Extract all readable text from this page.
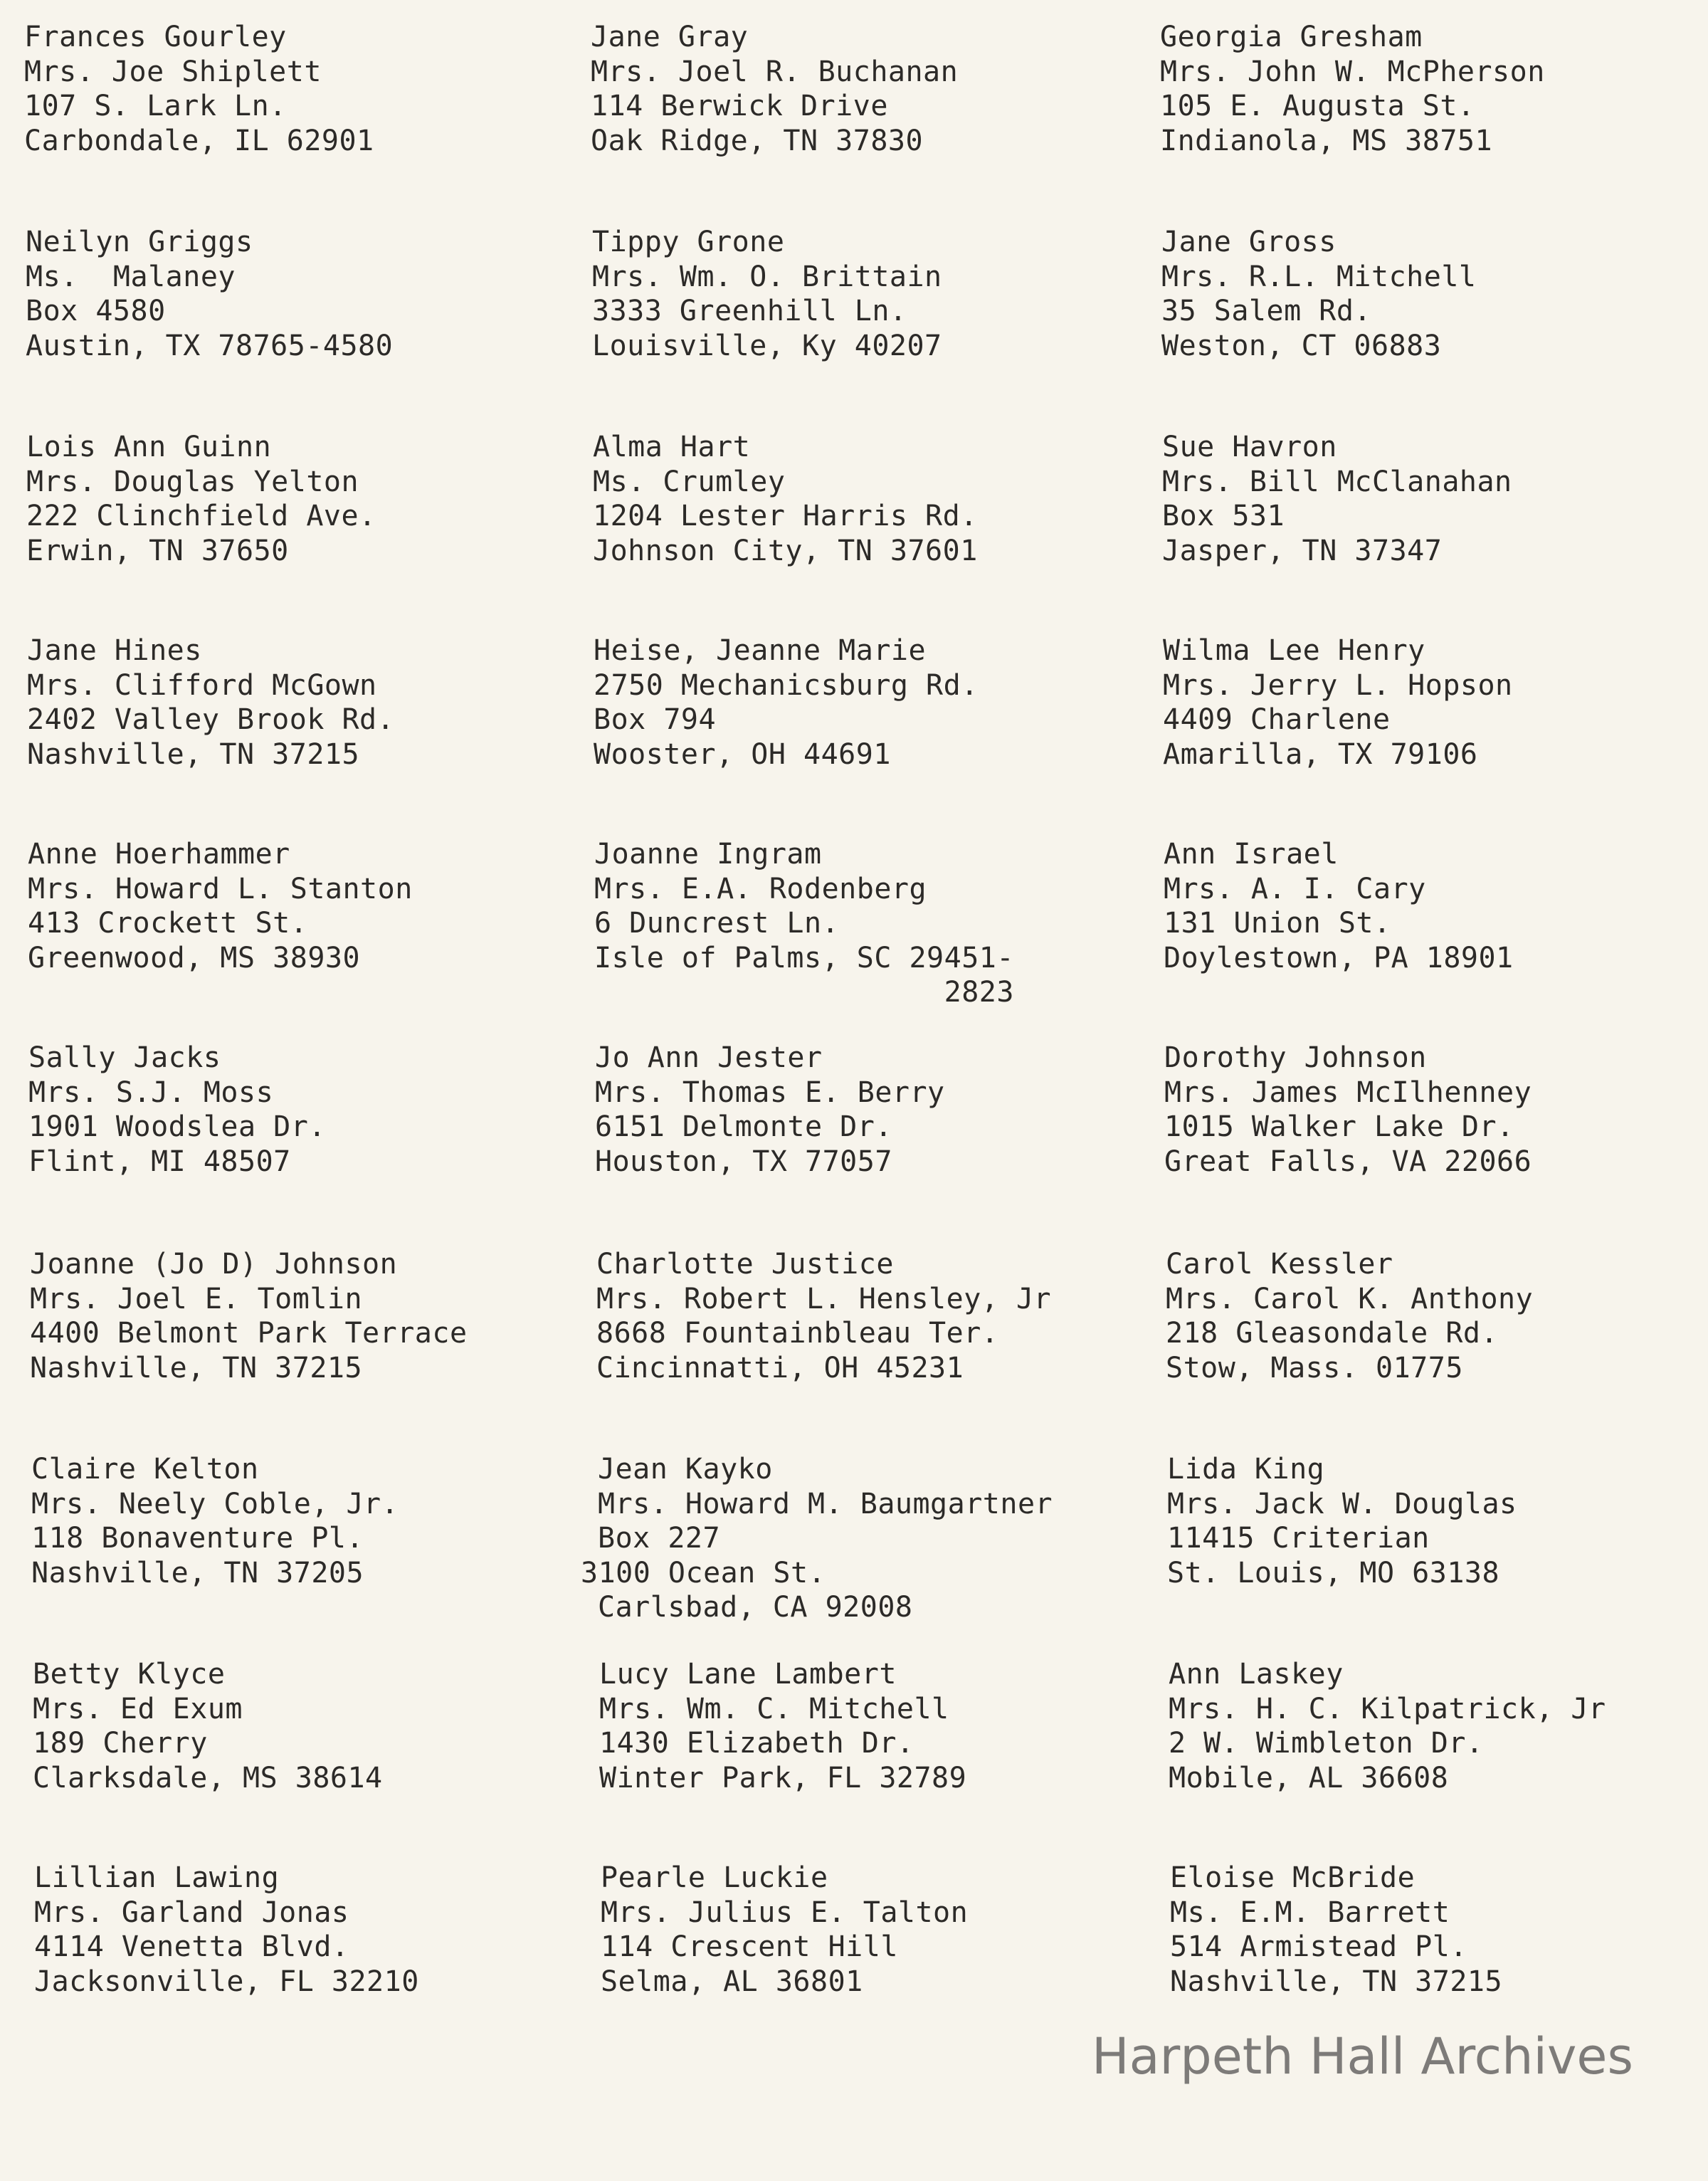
Frances Gourley
Mrs. Joe Shiplett
107 S. Lark Ln.
Carbondale, IL 62901
Jane Gray
Mrs. Joel R. Buchanan
114 Berwick Drive
Oak Ridge, TN 37830
Georgia Gresham
Mrs. John W. McPherson
105 E. Augusta St.
Indianola, MS 38751
Neilyn Griggs
Ms.  Malaney
Box 4580
Austin, TX 78765-4580
Tippy Grone
Mrs. Wm. O. Brittain
3333 Greenhill Ln.
Louisville, Ky 40207
Jane Gross
Mrs. R.L. Mitchell
35 Salem Rd.
Weston, CT 06883
Lois Ann Guinn
Mrs. Douglas Yelton
222 Clinchfield Ave.
Erwin, TN 37650
Alma Hart
Ms. Crumley
1204 Lester Harris Rd.
Johnson City, TN 37601
Sue Havron
Mrs. Bill McClanahan
Box 531
Jasper, TN 37347
Jane Hines
Mrs. Clifford McGown
2402 Valley Brook Rd.
Nashville, TN 37215
Heise, Jeanne Marie
2750 Mechanicsburg Rd.
Box 794
Wooster, OH 44691
Wilma Lee Henry
Mrs. Jerry L. Hopson
4409 Charlene
Amarilla, TX 79106
Anne Hoerhammer
Mrs. Howard L. Stanton
413 Crockett St.
Greenwood, MS 38930
Joanne Ingram
Mrs. E.A. Rodenberg
6 Duncrest Ln.
Isle of Palms, SC 29451-
2823
Ann Israel
Mrs. A. I. Cary
131 Union St.
Doylestown, PA 18901
Sally Jacks
Mrs. S.J. Moss
1901 Woodslea Dr.
Flint, MI 48507
Jo Ann Jester
Mrs. Thomas E. Berry
6151 Delmonte Dr.
Houston, TX 77057
Dorothy Johnson
Mrs. James McIlhenney
1015 Walker Lake Dr.
Great Falls, VA 22066
Joanne (Jo D) Johnson
Mrs. Joel E. Tomlin
4400 Belmont Park Terrace
Nashville, TN 37215
Charlotte Justice
Mrs. Robert L. Hensley, Jr
8668 Fountainbleau Ter.
Cincinnatti, OH 45231
Carol Kessler
Mrs. Carol K. Anthony
218 Gleasondale Rd.
Stow, Mass. 01775
Claire Kelton
Mrs. Neely Coble, Jr.
118 Bonaventure Pl.
Nashville, TN 37205
Jean Kayko
Mrs. Howard M. Baumgartner
Box 227
3100 Ocean St.
Carlsbad, CA 92008
Lida King
Mrs. Jack W. Douglas
11415 Criterian
St. Louis, MO 63138
Betty Klyce
Mrs. Ed Exum
189 Cherry
Clarksdale, MS 38614
Lucy Lane Lambert
Mrs. Wm. C. Mitchell
1430 Elizabeth Dr.
Winter Park, FL 32789
Ann Laskey
Mrs. H. C. Kilpatrick, Jr
2 W. Wimbleton Dr.
Mobile, AL 36608
Lillian Lawing
Mrs. Garland Jonas
4114 Venetta Blvd.
Jacksonville, FL 32210
Pearle Luckie
Mrs. Julius E. Talton
114 Crescent Hill
Selma, AL 36801
Eloise McBride
Ms. E.M. Barrett
514 Armistead Pl.
Nashville, TN 37215
Harpeth Hall Archives
